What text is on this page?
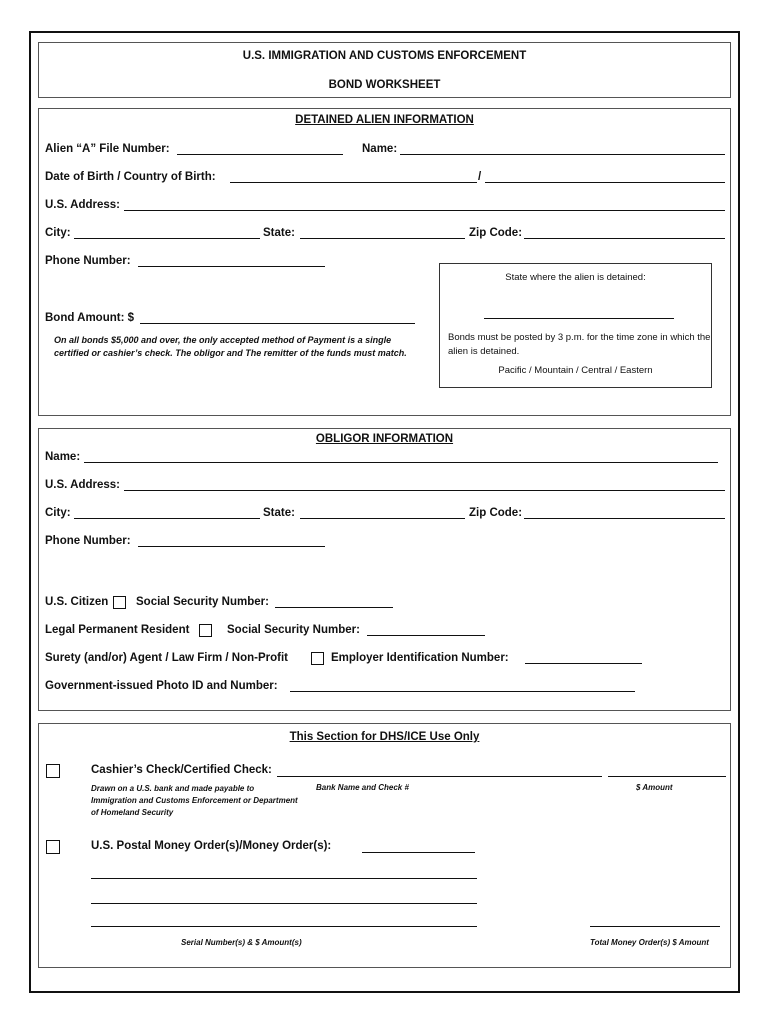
U.S. IMMIGRATION AND CUSTOMS ENFORCEMENT
BOND WORKSHEET
DETAINED ALIEN INFORMATION
Alien “A” File Number:	Name:
Date of Birth / Country of Birth:	/
U.S. Address:
City:	State:	Zip Code:
Phone Number:
Bond Amount: $
On all bonds $5,000 and over, the only accepted method of Payment is a single certified or cashier’s check. The obligor and The remitter of the funds must match.
State where the alien is detained:
Bonds must be posted by 3 p.m. for the time zone in which the alien is detained.
Pacific / Mountain / Central / Eastern
OBLIGOR INFORMATION
Name:
U.S. Address:
City:	State:	Zip Code:
Phone Number:
U.S. Citizen Social Security Number:
Legal Permanent Resident	Social Security Number:
Surety (and/or) Agent / Law Firm / Non-Profit	Employer Identification Number:
Government-issued Photo ID and Number:
This Section for DHS/ICE Use Only
Cashier’s Check/Certified Check:
Drawn on a U.S. bank and made payable to Immigration and Customs Enforcement or Department of Homeland Security
Bank Name and Check #	$ Amount
U.S. Postal Money Order(s)/Money Order(s):
Serial Number(s) & $ Amount(s)	Total Money Order(s) $ Amount
